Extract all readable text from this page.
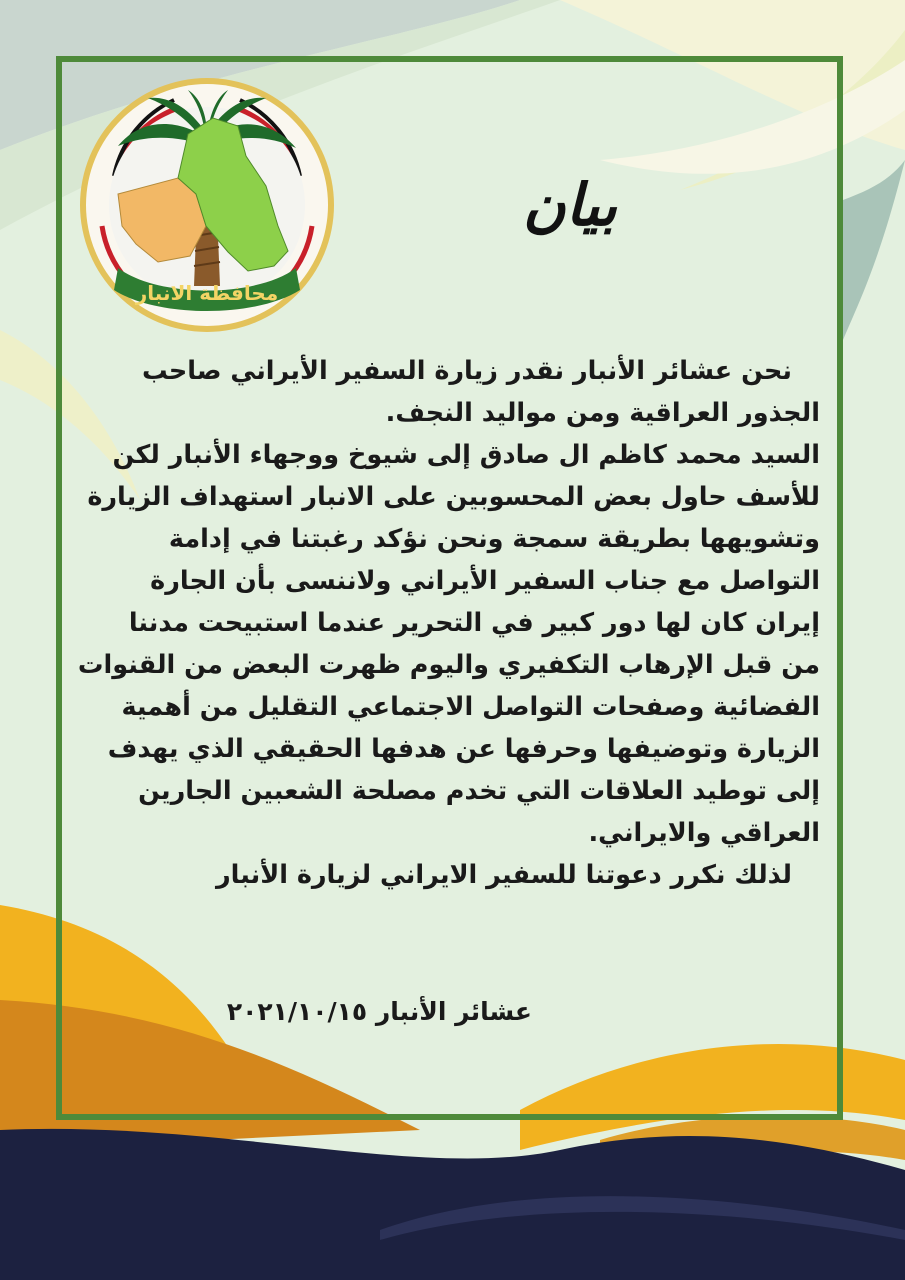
محافظة الانبار
بيان
نحن عشائر الأنبار نقدر زيارة السفير الأيراني صاحب
الجذور العراقية ومن مواليد النجف.
السيد محمد كاظم ال صادق إلى شيوخ ووجهاء الأنبار لكن
للأسف حاول بعض المحسوبين على الانبار استهداف الزيارة
وتشويهها بطريقة سمجة ونحن نؤكد رغبتنا في إدامة
التواصل مع جناب السفير الأيراني ولاننسى بأن الجارة
إيران كان لها دور كبير في التحرير عندما استبيحت مدننا
من قبل الإرهاب التكفيري واليوم ظهرت البعض من القنوات
الفضائية وصفحات التواصل الاجتماعي التقليل من أهمية
الزيارة وتوضيفها وحرفها عن هدفها الحقيقي الذي يهدف
إلى توطيد العلاقات التي تخدم مصلحة الشعبين الجارين
العراقي والايراني.
لذلك نكرر دعوتنا للسفير الايراني لزيارة الأنبار
عشائر الأنبار ٢٠٢١/١٠/١٥
